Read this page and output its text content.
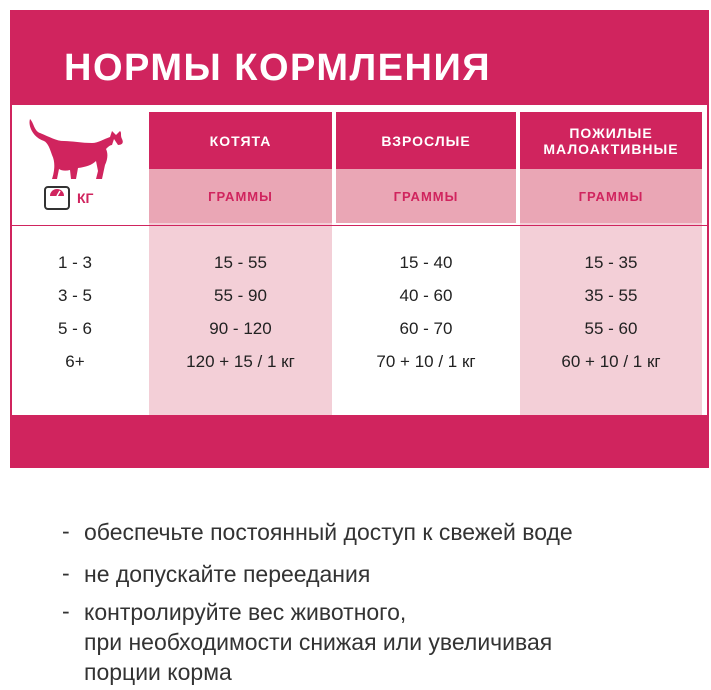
НОРМЫ КОРМЛЕНИЯ
КГ
КОТЯТА
ГРАММЫ
15 - 55
55 - 90
90 - 120
120 + 15 / 1 кг
ВЗРОСЛЫЕ
ГРАММЫ
15 - 40
40 - 60
60 - 70
70 + 10 / 1 кг
ПОЖИЛЫЕ
МАЛОАКТИВНЫЕ
ГРАММЫ
15 - 35
35 - 55
55 - 60
60 + 10 / 1 кг
1 - 3
3 - 5
5 - 6
6+
- обеспечьте постоянный доступ к свежей воде
- не допускайте переедания
- контролируйте вес животного,
при необходимости снижая или увеличивая
порции корма
